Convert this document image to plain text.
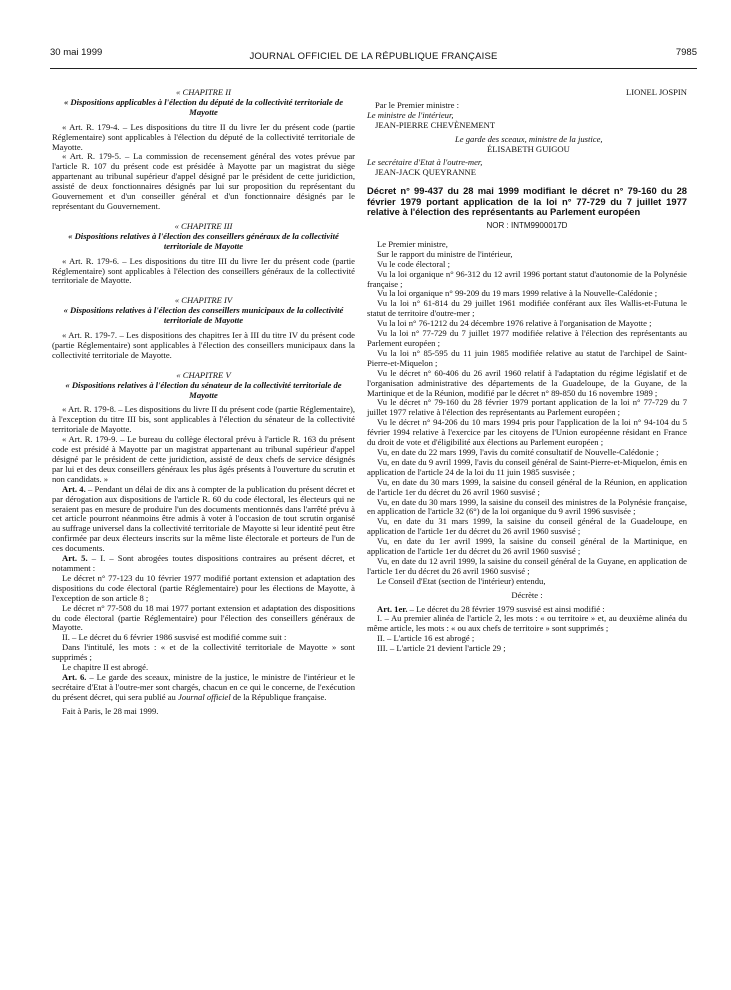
30 mai 1999	JOURNAL OFFICIEL DE LA RÉPUBLIQUE FRANÇAISE	7985

« CHAPITRE II

« Dispositions applicables à l'élection du député de la collectivité territoriale de Mayotte

« Art. R. 179-4. – Les dispositions du titre II du livre Ier du présent code (partie Réglementaire) sont applicables à l'élection du député de la collectivité territoriale de Mayotte.

« Art. R. 179-5. – La commission de recensement général des votes prévue par l'article R. 107 du présent code est présidée à Mayotte par un magistrat du siège appartenant au tribunal supérieur d'appel désigné par le président de cette juridiction, assisté de deux fonctionnaires désignés par lui sur proposition du représentant du Gouvernement et d'un conseiller général et d'un fonctionnaire désignés par le représentant du Gouvernement.

« CHAPITRE III

« Dispositions relatives à l'élection des conseillers généraux de la collectivité territoriale de Mayotte

« Art. R. 179-6. – Les dispositions du titre III du livre Ier du présent code (partie Réglementaire) sont applicables à l'élection des conseillers généraux de la collectivité territoriale de Mayotte.

« CHAPITRE IV

« Dispositions relatives à l'élection des conseillers municipaux de la collectivité territoriale de Mayotte

« Art. R. 179-7. – Les dispositions des chapitres Ier à III du titre IV du présent code (partie Réglementaire) sont applicables à l'élection des conseillers municipaux dans la collectivité territoriale de Mayotte.

« CHAPITRE V

« Dispositions relatives à l'élection du sénateur de la collectivité territoriale de Mayotte

« Art. R. 179-8. – Les dispositions du livre II du présent code (partie Réglementaire), à l'exception du titre III bis, sont applicables à l'élection du sénateur de la collectivité territoriale de Mayotte.

« Art. R. 179-9. – Le bureau du collège électoral prévu à l'article R. 163 du présent code est présidé à Mayotte par un magistrat appartenant au tribunal supérieur d'appel désigné par le président de cette juridiction, assisté de deux chefs de service désignés par lui et des deux conseillers généraux les plus âgés présents à l'ouverture du scrutin et non candidats. »

Art. 4. – Pendant un délai de dix ans à compter de la publication du présent décret et par dérogation aux dispositions de l'article R. 60 du code électoral, les électeurs qui ne seraient pas en mesure de produire l'un des documents mentionnés dans l'arrêté prévu à cet article pourront néanmoins être admis à voter à l'occasion de tout scrutin organisé au suffrage universel dans la collectivité territoriale de Mayotte si leur identité peut être confirmée par deux électeurs inscrits sur la même liste électorale et porteurs de l'un de ces documents.

Art. 5. – I. – Sont abrogées toutes dispositions contraires au présent décret, et notamment :

Le décret n° 77-123 du 10 février 1977 modifié portant extension et adaptation des dispositions du code électoral (partie Réglementaire) pour les élections de Mayotte, à l'exception de son article 8 ;

Le décret n° 77-508 du 18 mai 1977 portant extension et adaptation des dispositions du code électoral (partie Réglementaire) pour l'élection des conseillers généraux de Mayotte.

II. – Le décret du 6 février 1986 susvisé est modifié comme suit :

Dans l'intitulé, les mots : « et de la collectivité territoriale de Mayotte » sont supprimés ;

Le chapitre II est abrogé.

Art. 6. – Le garde des sceaux, ministre de la justice, le ministre de l'intérieur et le secrétaire d'Etat à l'outre-mer sont chargés, chacun en ce qui le concerne, de l'exécution du présent décret, qui sera publié au Journal officiel de la République française.

Fait à Paris, le 28 mai 1999.

LIONEL JOSPIN

Par le Premier ministre :

Le ministre de l'intérieur,

JEAN-PIERRE CHEVÈNEMENT

Le garde des sceaux, ministre de la justice,

ÉLISABETH GUIGOU

Le secrétaire d'Etat à l'outre-mer,

JEAN-JACK QUEYRANNE

Décret n° 99-437 du 28 mai 1999 modifiant le décret n° 79-160 du 28 février 1979 portant application de la loi n° 77-729 du 7 juillet 1977 relative à l'élection des représentants au Parlement européen

NOR : INTM9900017D

Le Premier ministre,

Sur le rapport du ministre de l'intérieur,

Vu le code électoral ;

Vu la loi organique n° 96-312 du 12 avril 1996 portant statut d'autonomie de la Polynésie française ;

Vu la loi organique n° 99-209 du 19 mars 1999 relative à la Nouvelle-Calédonie ;

Vu la loi n° 61-814 du 29 juillet 1961 modifiée conférant aux îles Wallis-et-Futuna le statut de territoire d'outre-mer ;

Vu la loi n° 76-1212 du 24 décembre 1976 relative à l'organisation de Mayotte ;

Vu la loi n° 77-729 du 7 juillet 1977 modifiée relative à l'élection des représentants au Parlement européen ;

Vu la loi n° 85-595 du 11 juin 1985 modifiée relative au statut de l'archipel de Saint-Pierre-et-Miquelon ;

Vu le décret n° 60-406 du 26 avril 1960 relatif à l'adaptation du régime législatif et de l'organisation administrative des départements de la Guadeloupe, de la Guyane, de la Martinique et de la Réunion, modifié par le décret n° 89-850 du 16 novembre 1989 ;

Vu le décret n° 79-160 du 28 février 1979 portant application de la loi n° 77-729 du 7 juillet 1977 relative à l'élection des représentants au Parlement européen ;

Vu le décret n° 94-206 du 10 mars 1994 pris pour l'application de la loi n° 94-104 du 5 février 1994 relative à l'exercice par les citoyens de l'Union européenne résidant en France du droit de vote et d'éligibilité aux élections au Parlement européen ;

Vu, en date du 22 mars 1999, l'avis du comité consultatif de Nouvelle-Calédonie ;

Vu, en date du 9 avril 1999, l'avis du conseil général de Saint-Pierre-et-Miquelon, émis en application de l'article 24 de la loi du 11 juin 1985 susvisée ;

Vu, en date du 30 mars 1999, la saisine du conseil général de la Réunion, en application de l'article 1er du décret du 26 avril 1960 susvisé ;

Vu, en date du 30 mars 1999, la saisine du conseil des ministres de la Polynésie française, en application de l'article 32 (6°) de la loi organique du 9 avril 1996 susvisée ;

Vu, en date du 31 mars 1999, la saisine du conseil général de la Guadeloupe, en application de l'article 1er du décret du 26 avril 1960 susvisé ;

Vu, en date du 1er avril 1999, la saisine du conseil général de la Martinique, en application de l'article 1er du décret du 26 avril 1960 susvisé ;

Vu, en date du 12 avril 1999, la saisine du conseil général de la Guyane, en application de l'article 1er du décret du 26 avril 1960 susvisé ;

Le Conseil d'Etat (section de l'intérieur) entendu,

Décrète :

Art. 1er. – Le décret du 28 février 1979 susvisé est ainsi modifié :

I. – Au premier alinéa de l'article 2, les mots : « ou territoire » et, au deuxième alinéa du même article, les mots : « ou aux chefs de territoire » sont supprimés ;

II. – L'article 16 est abrogé ;

III. – L'article 21 devient l'article 29 ;
